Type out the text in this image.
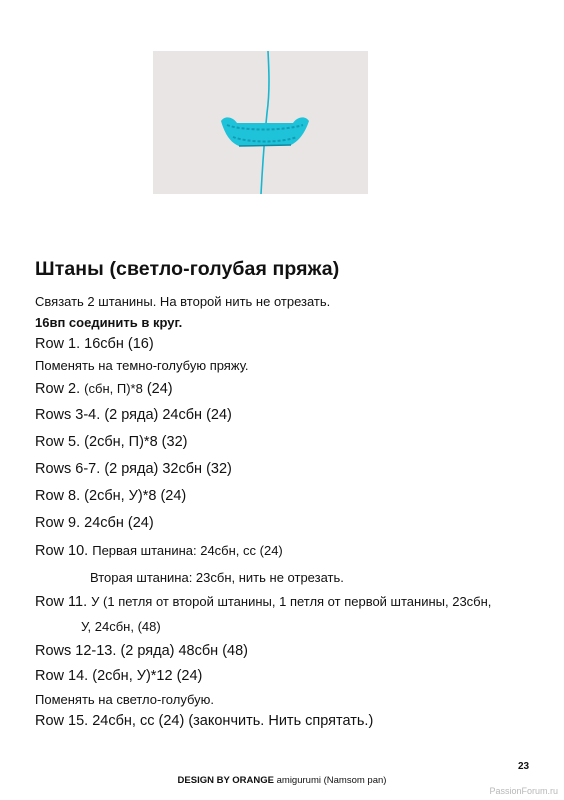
Штаны (светло-голубая пряжа)
Связать 2 штанины. На второй нить не отрезать.
16вп соединить в круг.
Row 1. 16сбн (16)
Поменять на темно-голубую пряжу.
Row 2. (сбн, П)*8 (24)
Rows 3-4. (2 ряда) 24сбн (24)
Row 5. (2сбн, П)*8 (32)
Rows 6-7. (2 ряда) 32сбн (32)
Row 8. (2сбн, У)*8 (24)
Row 9. 24сбн (24)
Row 10. Первая штанина: 24сбн, сс (24)
Вторая штанина: 23сбн, нить не отрезать.
Row 11. У (1 петля от второй штанины, 1 петля от первой штанины, 23сбн,
У, 24сбн, (48)
Rows 12-13. (2 ряда) 48сбн (48)
Row 14. (2сбн, У)*12 (24)
Поменять на светло-голубую.
Row 15. 24сбн, сс (24) (закончить. Нить спрятать.)
23
DESIGN BY ORANGE amigurumi (Namsom pan)
PassionForum.ru
